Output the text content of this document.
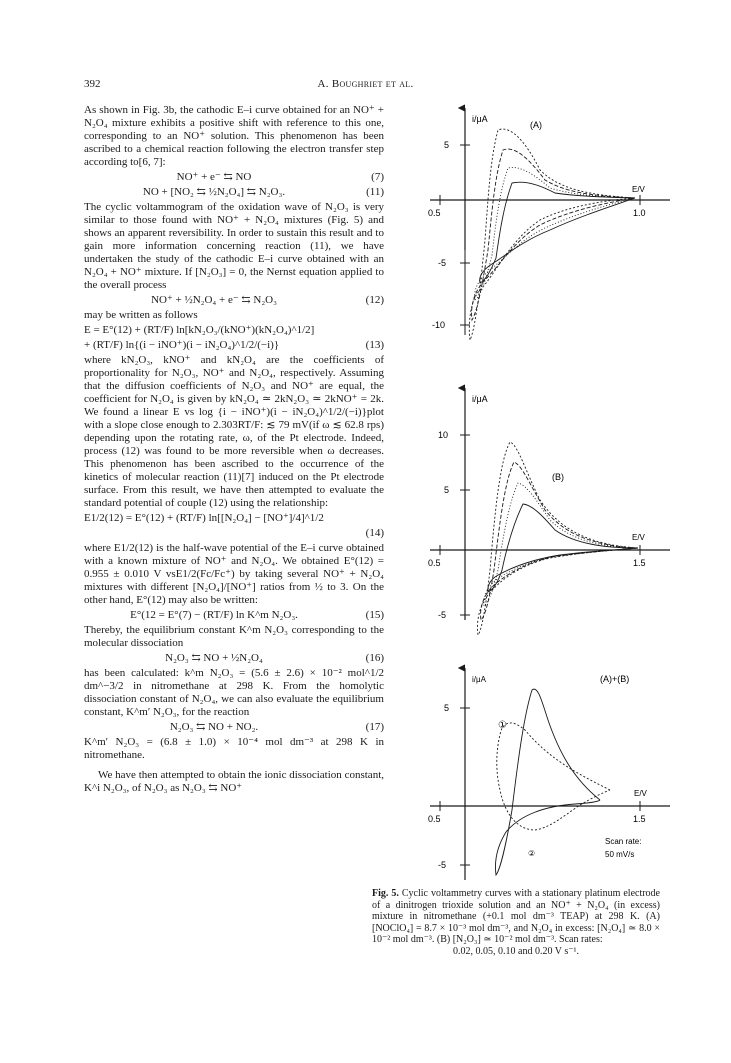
392	A. Boughriet et al.

As shown in Fig. 3b, the cathodic E–i curve obtained for an NO⁺ + N₂O₄ mixture exhibits a positive shift with reference to this one, corresponding to an NO⁺ solution. This phenomenon has been ascribed to a chemical reaction following the electron transfer step according to[6, 7]:

NO⁺ + e⁻ ⇆ NO	(7)
NO + [NO₂ ⇆ ½N₂O₄] ⇆ N₂O₃.	(11)

The cyclic voltammogram of the oxidation wave of N₂O₃ is very similar to those found with NO⁺ + N₂O₄ mixtures (Fig. 5) and shows an apparent reversibility. In order to sustain this result and to gain more information concerning reaction (11), we have undertaken the study of the cathodic E–i curve obtained with an N₂O₄ + NO⁺ mixture. If [N₂O₃] = 0, the Nernst equation applied to the overall process

NO⁺ + ½N₂O₄ + e⁻ ⇆ N₂O₃	(12)

may be written as follows

E = E°(12) + (RT/F) ln[kN₂O₃/(kNO⁺)(kN₂O₄)^1/2]
+ (RT/F) ln{(i − iNO⁺)(i − iN₂O₄)^1/2/(−i)}	(13)

where kN₂O₃, kNO⁺ and kN₂O₄ are the coefficients of proportionality for N₂O₃, NO⁺ and N₂O₄, respectively. Assuming that the diffusion coefficients of N₂O₃ and NO⁺ are equal, the coefficient for N₂O₄ is given by kN₂O₄ ≃ 2kN₂O₃ ≃ 2kNO⁺ = 2k. We found a linear E vs log {i − iNO⁺)(i − iN₂O₄)^1/2/(−i)}plot with a slope close enough to 2.303RT/F: ≲ 79 mV(if ω ≲ 62.8 rps) depending upon the rotating rate, ω, of the Pt electrode. Indeed, process (12) was found to be more reversible when ω decreases. This phenomenon has been ascribed to the occurrence of the kinetics of molecular reaction (11)[7] induced on the Pt electrode surface. From this result, we have then attempted to evaluate the standard potential of couple (12) using the relationship:

E1/2(12) = E°(12) + (RT/F) ln[[N₂O₄] − [NO⁺]/4]^1/2
(14)

where E1/2(12) is the half-wave potential of the E–i curve obtained with a known mixture of NO⁺ and N₂O₄. We obtained E°(12) = 0.955 ± 0.010 V vsE1/2(Fc/Fc⁺) by taking several NO⁺ + N₂O₄ mixtures with different [N₂O₄]/[NO⁺] ratios from ½ to 3. On the other hand, E°(12) may also be written:

E°(12 = E°(7) − (RT/F) ln K^m N₂O₃.	(15)

Thereby, the equilibrium constant K^m N₂O₃ corresponding to the molecular dissociation

N₂O₃ ⇆ NO + ½N₂O₄	(16)

has been calculated: k^m N₂O₃ = (5.6 ± 2.6) × 10⁻² mol^1/2 dm^−3/2 in nitromethane at 298 K. From the homolytic dissociation constant of N₂O₄, we can also evaluate the equilibrium constant, K^m′ N₂O₃, for the reaction

N₂O₃ ⇆ NO + NO₂.	(17)

K^m′ N₂O₃ = (6.8 ± 1.0) × 10⁻⁴ mol dm⁻³ at 298 K in nitromethane.

We have then attempted to obtain the ionic dissociation constant, K^i N₂O₃, of N₂O₃ as N₂O₃ ⇆ NO⁺

i/μA
(A)
E/V
5
-5
-10
0.5	1.0
i/μA
(B)
E/V
10
5
-5
0.5	1.5
i/μA	(A)+(B)
E/V
5
-5
0.5	1.5
①
②
Scan rate:
50 mV/s
Fig. 5. Cyclic voltammetry curves with a stationary platinum electrode of a dinitrogen trioxide solution and an NO⁺ + N₂O₄ (in excess) mixture in nitromethane (+0.1 mol dm⁻³ TEAP) at 298 K. (A) [NOClO₄] = 8.7 × 10⁻³ mol dm⁻³, and N₂O₄ in excess: [N₂O₄] ≃ 8.0 × 10⁻² mol dm⁻³. (B) [N₂O₃] ≃ 10⁻² mol dm⁻³. Scan rates:
0.02, 0.05, 0.10 and 0.20 V s⁻¹.
